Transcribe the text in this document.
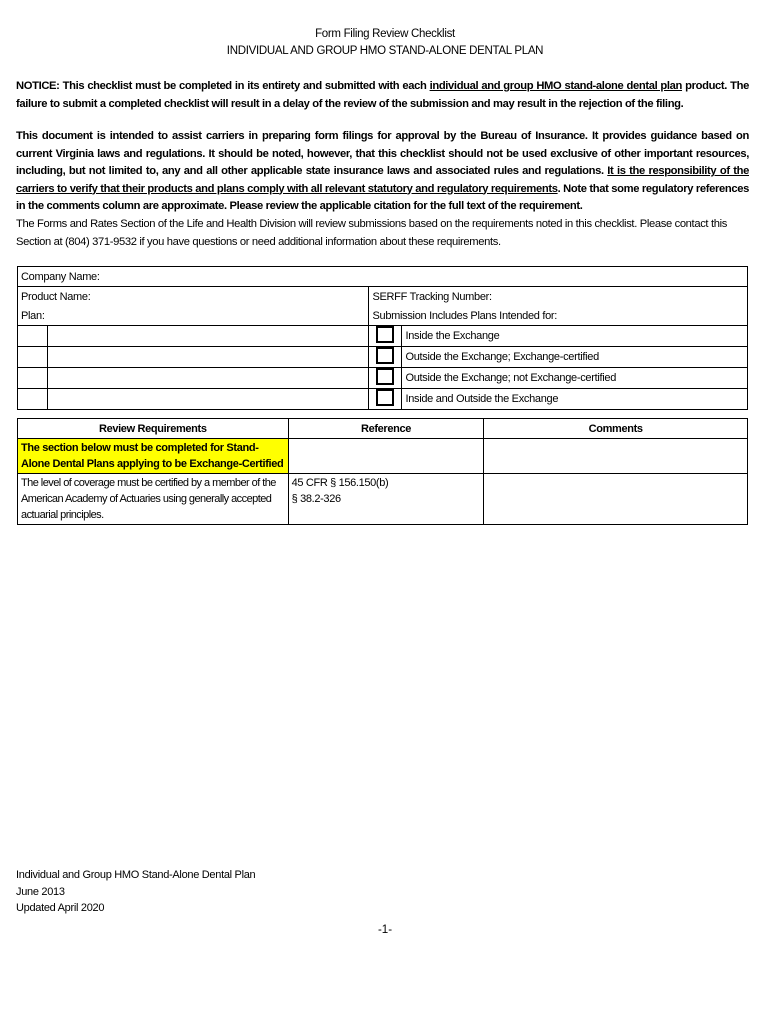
Form Filing Review Checklist
INDIVIDUAL AND GROUP HMO STAND-ALONE DENTAL PLAN
NOTICE: This checklist must be completed in its entirety and submitted with each individual and group HMO stand-alone dental plan product. The failure to submit a completed checklist will result in a delay of the review of the submission and may result in the rejection of the filing.
This document is intended to assist carriers in preparing form filings for approval by the Bureau of Insurance. It provides guidance based on current Virginia laws and regulations. It should be noted, however, that this checklist should not be used exclusive of other important resources, including, but not limited to, any and all other applicable state insurance laws and associated rules and regulations. It is the responsibility of the carriers to verify that their products and plans comply with all relevant statutory and regulatory requirements. Note that some regulatory references in the comments column are approximate. Please review the applicable citation for the full text of the requirement.
The Forms and Rates Section of the Life and Health Division will review submissions based on the requirements noted in this checklist. Please contact this Section at (804) 371-9532 if you have questions or need additional information about these requirements.
Company Name:			
Product Name:		SERFF Tracking Number:	
Plan:		Submission Includes Plans Intended for:	
			Inside the Exchange
			Outside the Exchange; Exchange-certified
			Outside the Exchange; not Exchange-certified
			Inside and Outside the Exchange
Review Requirements	Reference	Comments
The section below must be completed for Stand-Alone Dental Plans applying to be Exchange-Certified		
The level of coverage must be certified by a member of the American Academy of Actuaries using generally accepted actuarial principles.	45 CFR § 156.150(b)
§ 38.2-326	

Individual and Group HMO Stand-Alone Dental Plan
June 2013
Updated April 2020
-1-
